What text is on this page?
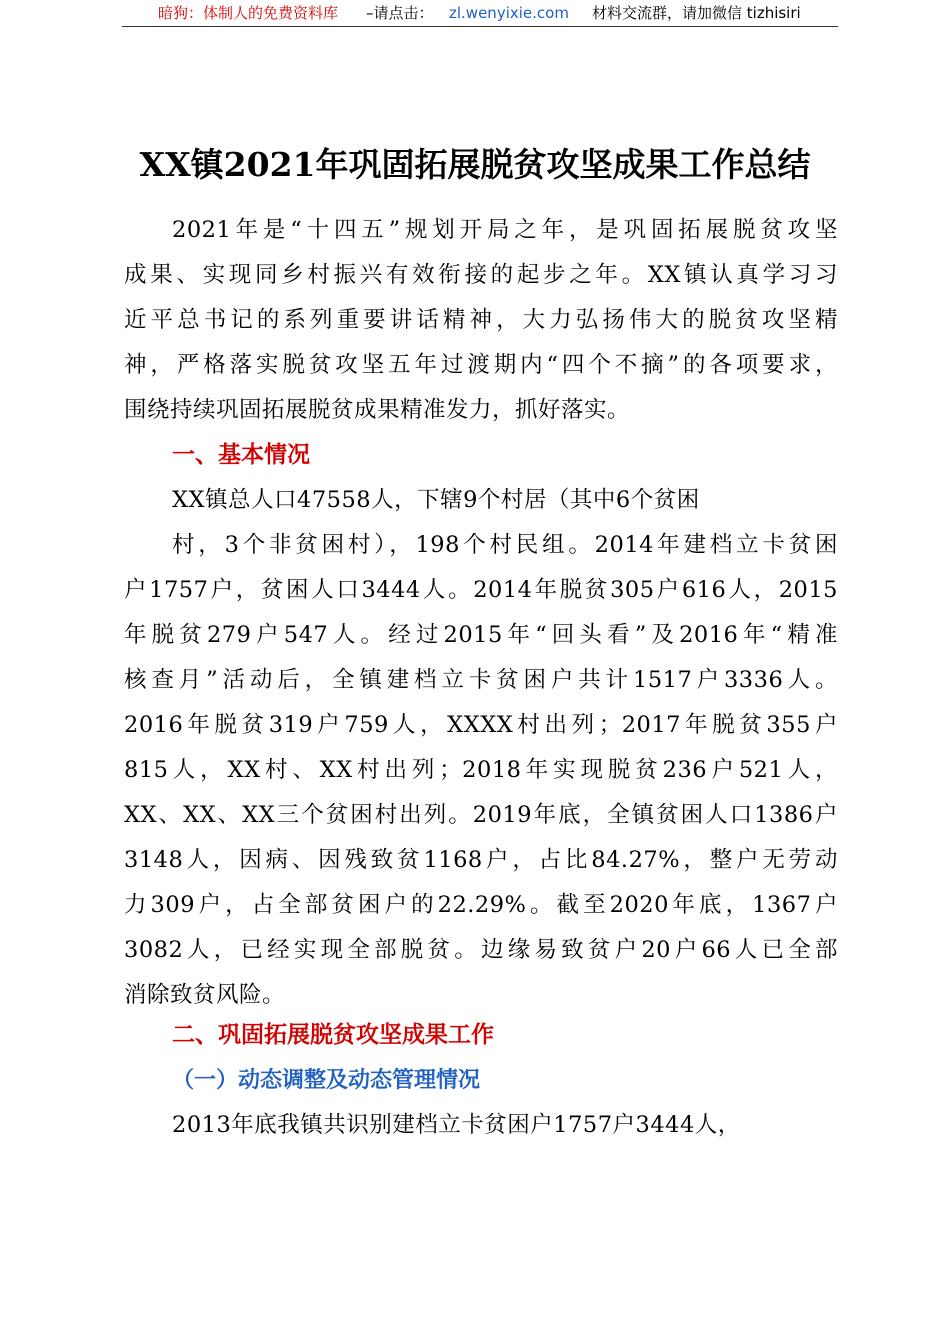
暗狗：体制人的免费资料库 –请点击： zl.wenyixie.com 材料交流群，请加微信 tizhisiri
XX镇2021年巩固拓展脱贫攻坚成果工作总结
2021年是“十四五”规划开局之年，是巩固拓展脱贫攻坚
成果、实现同乡村振兴有效衔接的起步之年。XX镇认真学习习
近平总书记的系列重要讲话精神，大力弘扬伟大的脱贫攻坚精
神，严格落实脱贫攻坚五年过渡期内“四个不摘”的各项要求，
围绕持续巩固拓展脱贫成果精准发力，抓好落实。
一、基本情况
XX镇总人口47558人，下辖9个村居（其中6个贫困
村，3个非贫困村），198个村民组。2014年建档立卡贫困
户1757户，贫困人口3444人。2014年脱贫305户616人，2015
年脱贫279户547人。经过2015年“回头看”及2016年“精准
核查月”活动后，全镇建档立卡贫困户共计1517户3336人。
2016年脱贫319户759人，XXXX村出列；2017年脱贫355户
815人，XX村、XX村出列；2018年实现脱贫236户521人，
XX、XX、XX三个贫困村出列。2019年底，全镇贫困人口1386户
3148人，因病、因残致贫1168户，占比84.27%，整户无劳动
力309户，占全部贫困户的22.29%。截至2020年底，1367户
3082人，已经实现全部脱贫。边缘易致贫户20户66人已全部
消除致贫风险。
二、巩固拓展脱贫攻坚成果工作
（一）动态调整及动态管理情况
2013年底我镇共识别建档立卡贫困户1757户3444人，
